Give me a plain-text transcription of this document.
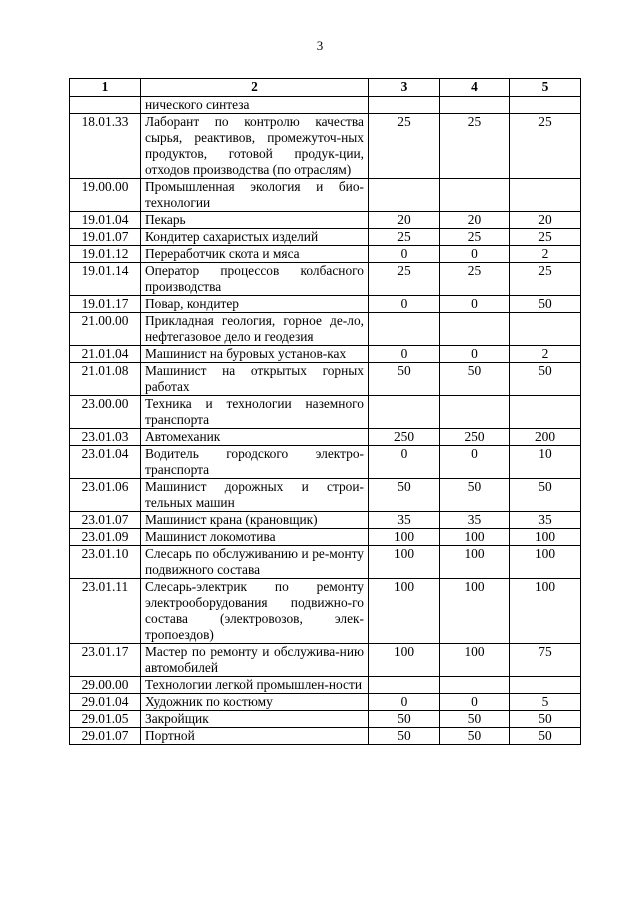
3
1	2	3	4	5
	нического синтеза			
18.01.33	Лаборант по контролю качества сырья, реактивов, промежуточ-ных продуктов, готовой продук-ции, отходов производства (по отраслям)	25	25	25
19.00.00	Промышленная экология и био-технологии			
19.01.04	Пекарь	20	20	20
19.01.07	Кондитер сахаристых изделий	25	25	25
19.01.12	Переработчик скота и мяса	0	0	2
19.01.14	Оператор процессов колбасного производства	25	25	25
19.01.17	Повар, кондитер	0	0	50
21.00.00	Прикладная геология, горное де-ло, нефтегазовое дело и геодезия			
21.01.04	Машинист на буровых установ-ках	0	0	2
21.01.08	Машинист на открытых горных работах	50	50	50
23.00.00	Техника и технологии наземного транспорта			
23.01.03	Автомеханик	250	250	200
23.01.04	Водитель городского электро-транспорта	0	0	10
23.01.06	Машинист дорожных и строи-тельных машин	50	50	50
23.01.07	Машинист крана (крановщик)	35	35	35
23.01.09	Машинист локомотива	100	100	100
23.01.10	Слесарь по обслуживанию и ре-монту подвижного состава	100	100	100
23.01.11	Слесарь-электрик по ремонту электрооборудования подвижно-го состава (электровозов, элек-тропоездов)	100	100	100
23.01.17	Мастер по ремонту и обслужива-нию автомобилей	100	100	75
29.00.00	Технологии легкой промышлен-ности			
29.01.04	Художник по костюму	0	0	5
29.01.05	Закройщик	50	50	50
29.01.07	Портной	50	50	50
